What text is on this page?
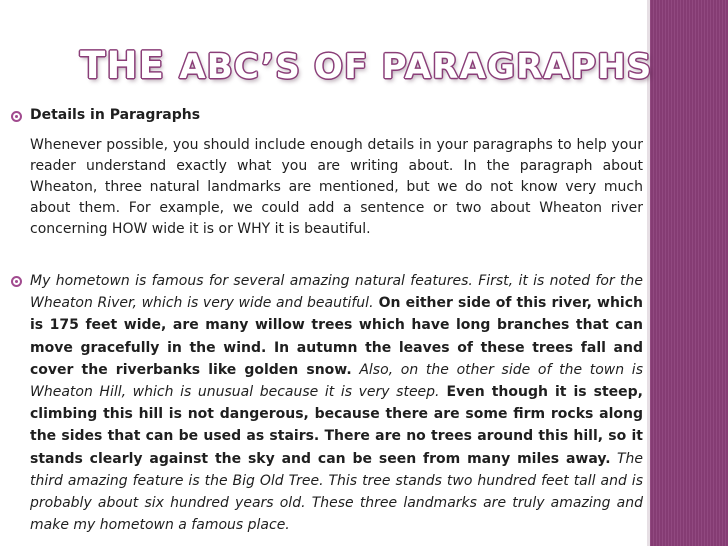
THE ABC’S OF PARAGRAPHS

Details in Paragraphs

Whenever possible, you should include enough details in your paragraphs to help your reader understand exactly what you are writing about. In the paragraph about Wheaton, three natural landmarks are mentioned, but we do not know very much about them. For example, we could add a sentence or two about Wheaton river concerning HOW wide it is or WHY it is beautiful.

My hometown is famous for several amazing natural features. First, it is noted for the Wheaton River, which is very wide and beautiful. On either side of this river, which is 175 feet wide, are many willow trees which have long branches that can move gracefully in the wind. In autumn the leaves of these trees fall and cover the riverbanks like golden snow. Also, on the other side of the town is Wheaton Hill, which is unusual because it is very steep. Even though it is steep, climbing this hill is not dangerous, because there are some firm rocks along the sides that can be used as stairs. There are no trees around this hill, so it stands clearly against the sky and can be seen from many miles away. The third amazing feature is the Big Old Tree. This tree stands two hundred feet tall and is probably about six hundred years old. These three landmarks are truly amazing and make my hometown a famous place.
